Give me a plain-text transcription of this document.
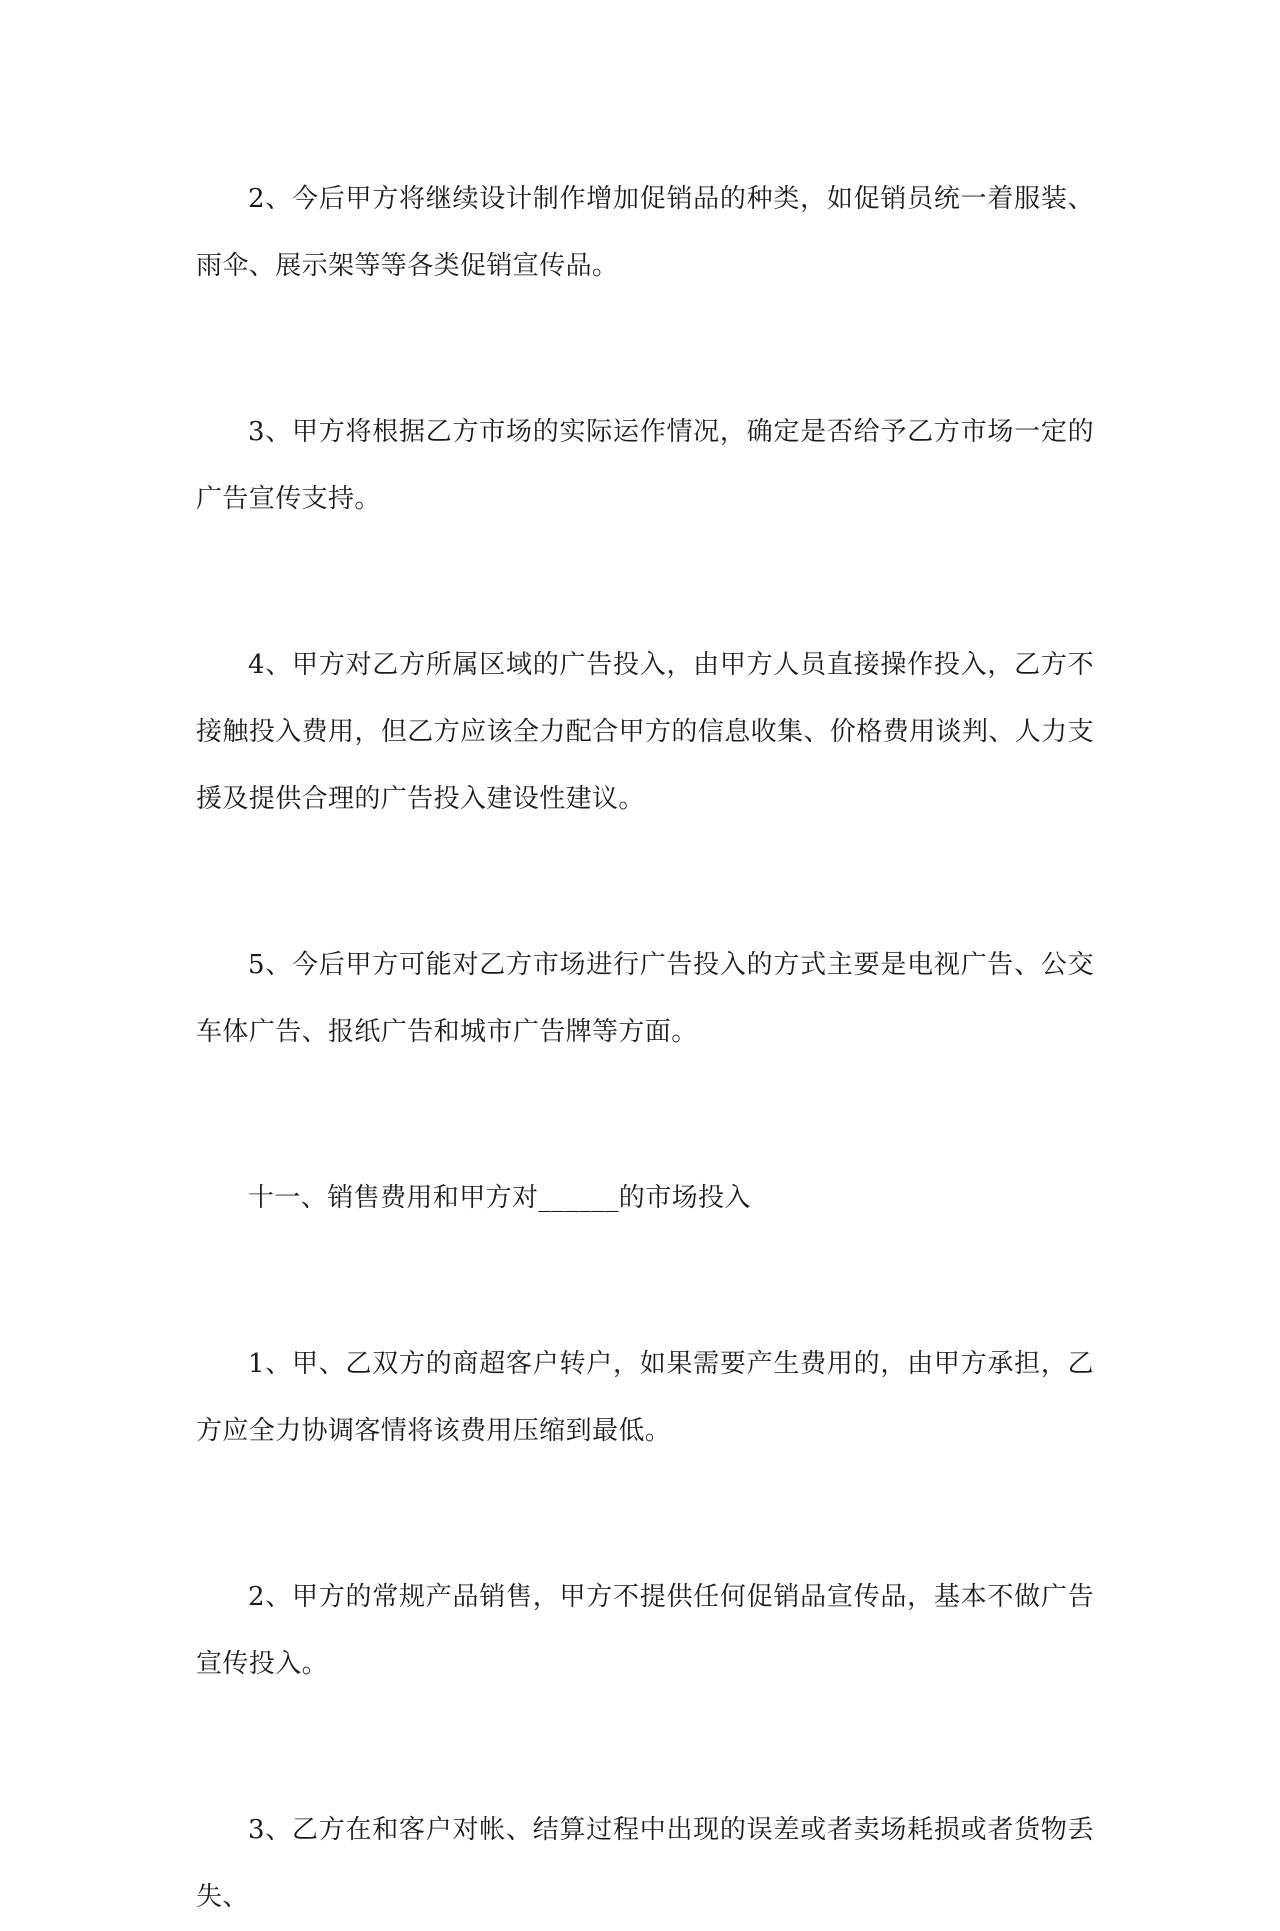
2、今后甲方将继续设计制作增加促销品的种类，如促销员统一着服装、雨伞、展示架等等各类促销宣传品。

3、甲方将根据乙方市场的实际运作情况，确定是否给予乙方市场一定的广告宣传支持。

4、甲方对乙方所属区域的广告投入，由甲方人员直接操作投入，乙方不接触投入费用，但乙方应该全力配合甲方的信息收集、价格费用谈判、人力支援及提供合理的广告投入建设性建议。

5、今后甲方可能对乙方市场进行广告投入的方式主要是电视广告、公交车体广告、报纸广告和城市广告牌等方面。

十一、销售费用和甲方对______的市场投入

1、甲、乙双方的商超客户转户，如果需要产生费用的，由甲方承担，乙方应全力协调客情将该费用压缩到最低。

2、甲方的常规产品销售，甲方不提供任何促销品宣传品，基本不做广告宣传投入。

3、乙方在和客户对帐、结算过程中出现的误差或者卖场耗损或者货物丢失、
